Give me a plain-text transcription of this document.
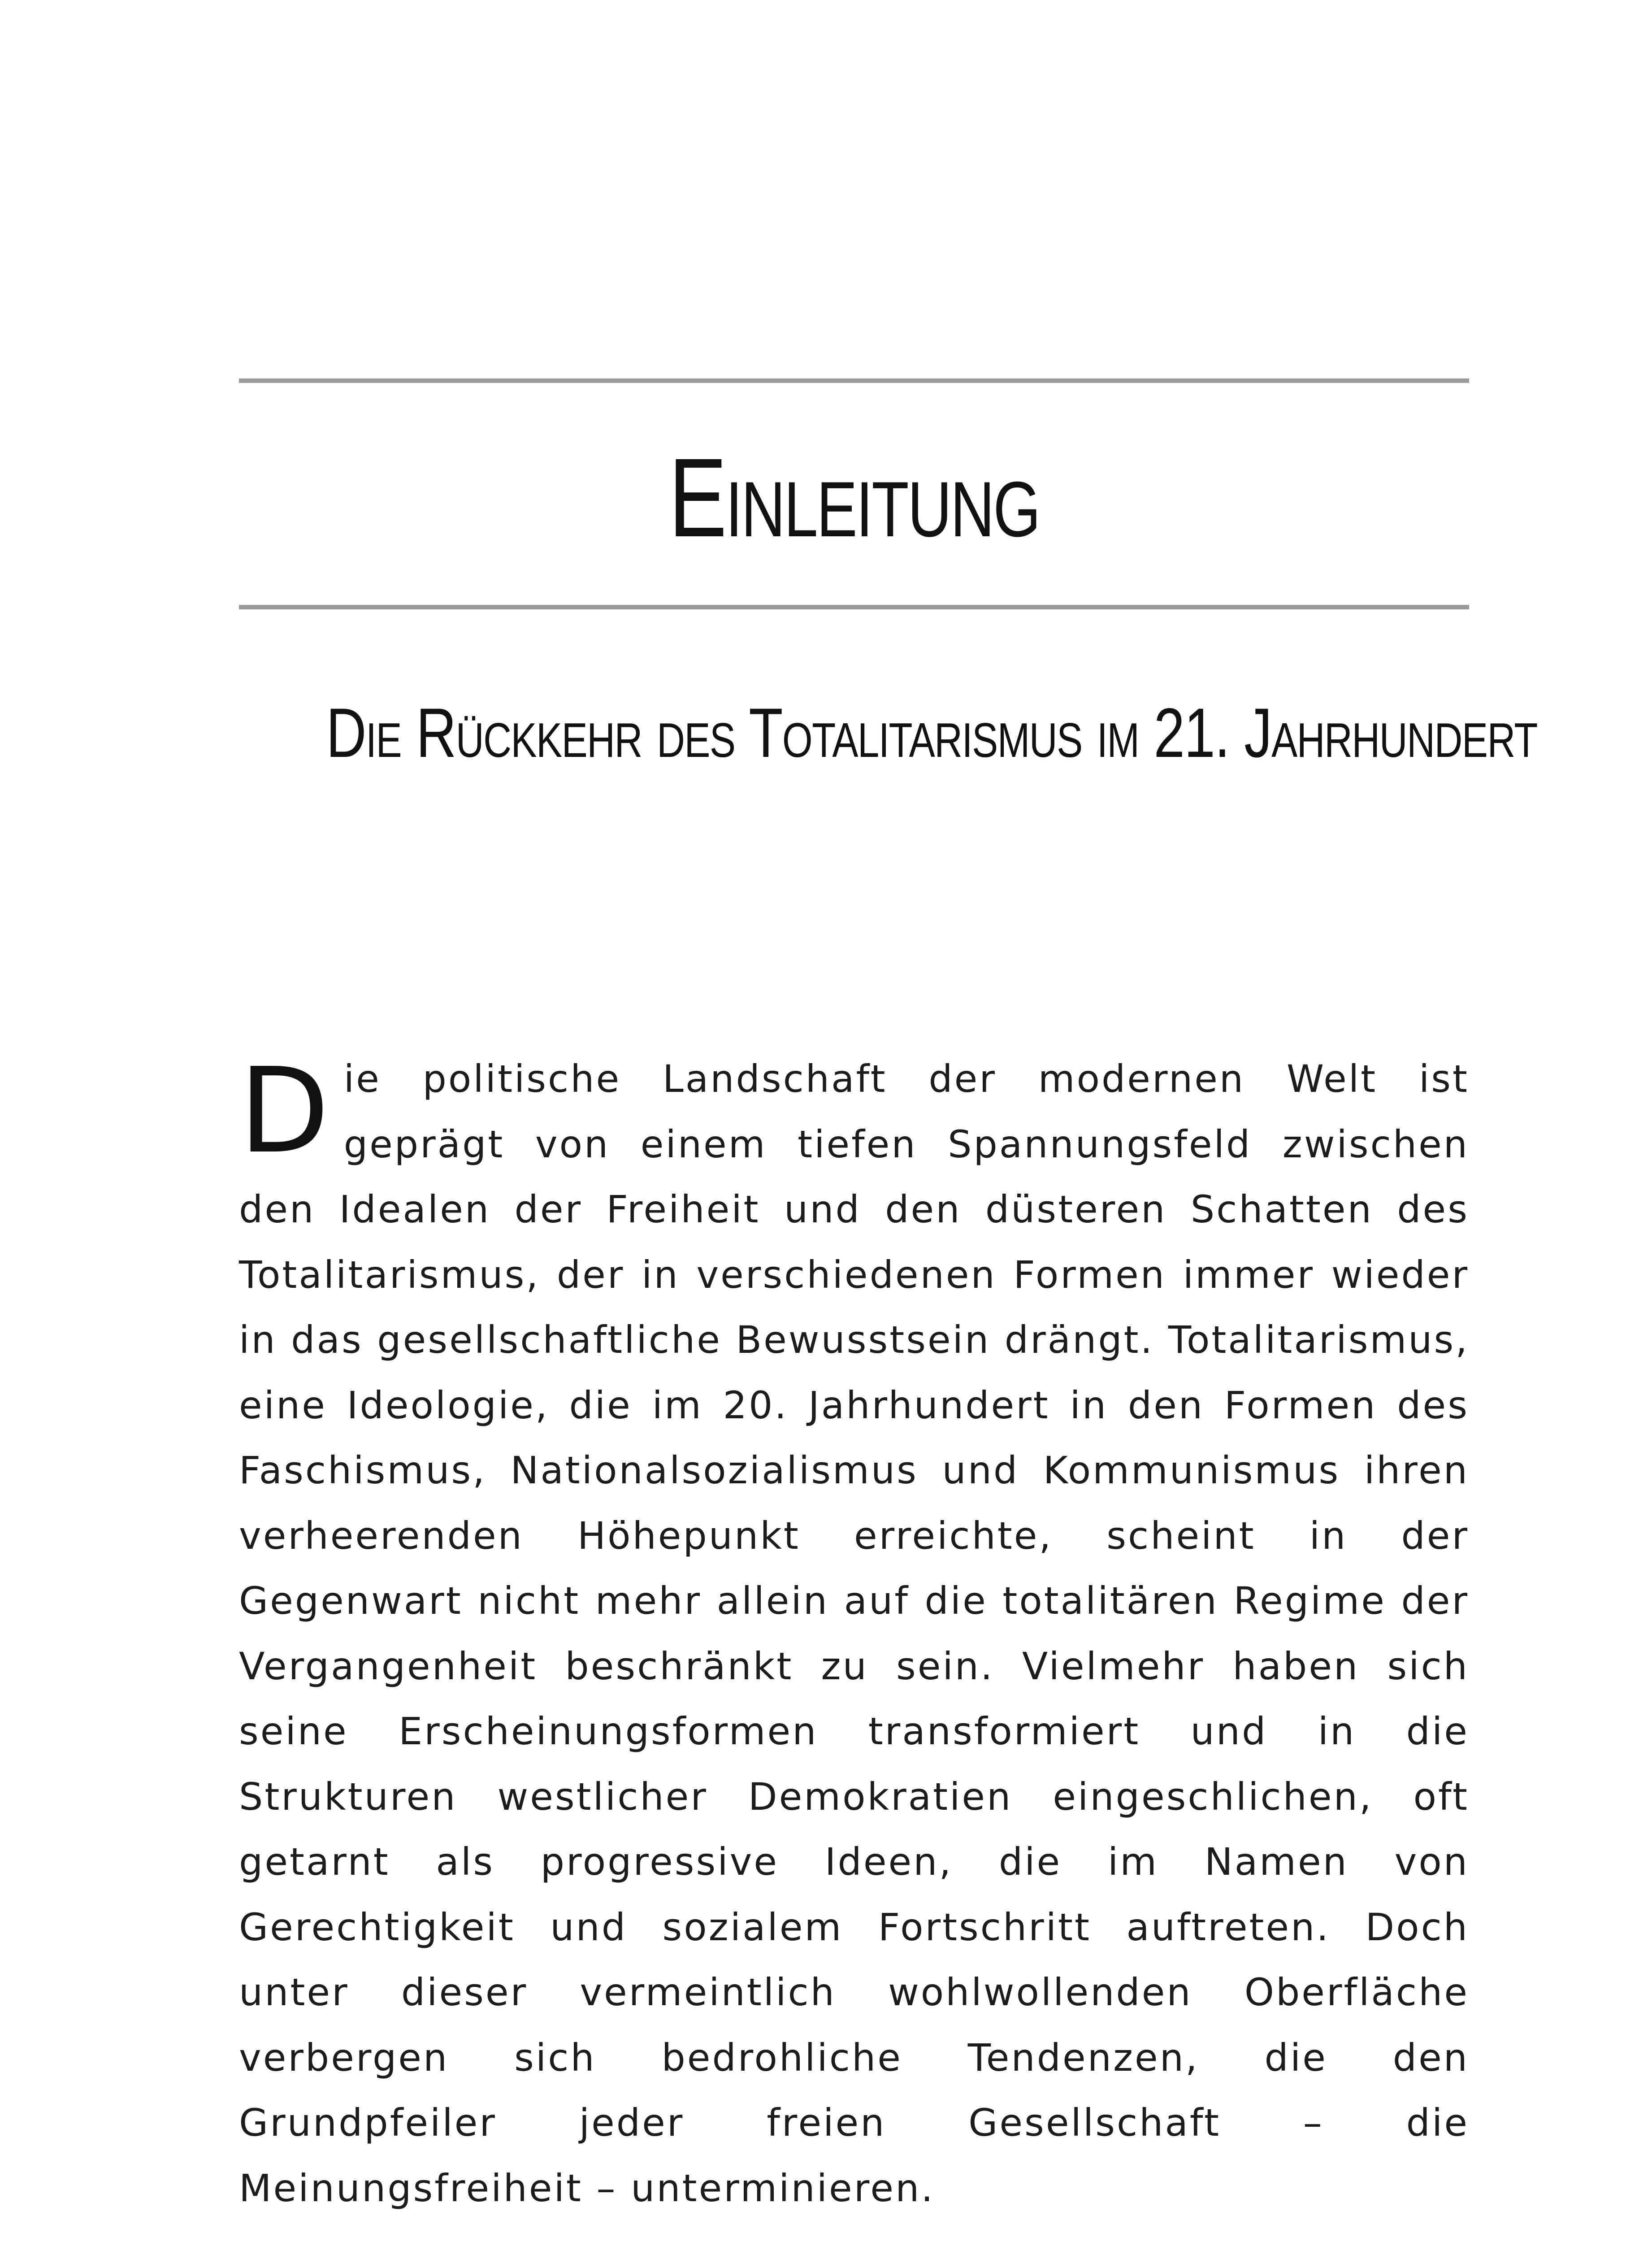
Einleitung
Die Rückkehr des Totalitarismus im 21. Jahrhundert

Die politische Landschaft der modernen Welt ist geprägt von einem tiefen Spannungsfeld zwischen den Idealen der Freiheit und den düsteren Schatten des Totalitarismus, der in verschiedenen Formen immer wieder in das gesellschaftliche Bewusstsein drängt. Totalitarismus, eine Ideologie, die im 20. Jahrhundert in den Formen des Faschismus, Nationalsozialismus und Kommunismus ihren verheerenden Höhepunkt erreichte, scheint in der Gegenwart nicht mehr allein auf die totalitären Regime der Vergangenheit beschränkt zu sein. Vielmehr haben sich seine Erscheinungsformen transformiert und in die Strukturen westlicher Demokratien eingeschlichen, oft getarnt als progressive Ideen, die im Namen von Gerechtigkeit und sozialem Fortschritt auftreten. Doch unter dieser vermeintlich wohlwollenden Oberfläche verbergen sich bedrohliche Tendenzen, die den Grundpfeiler jeder freien Gesellschaft – die Meinungsfreiheit – unterminieren.
